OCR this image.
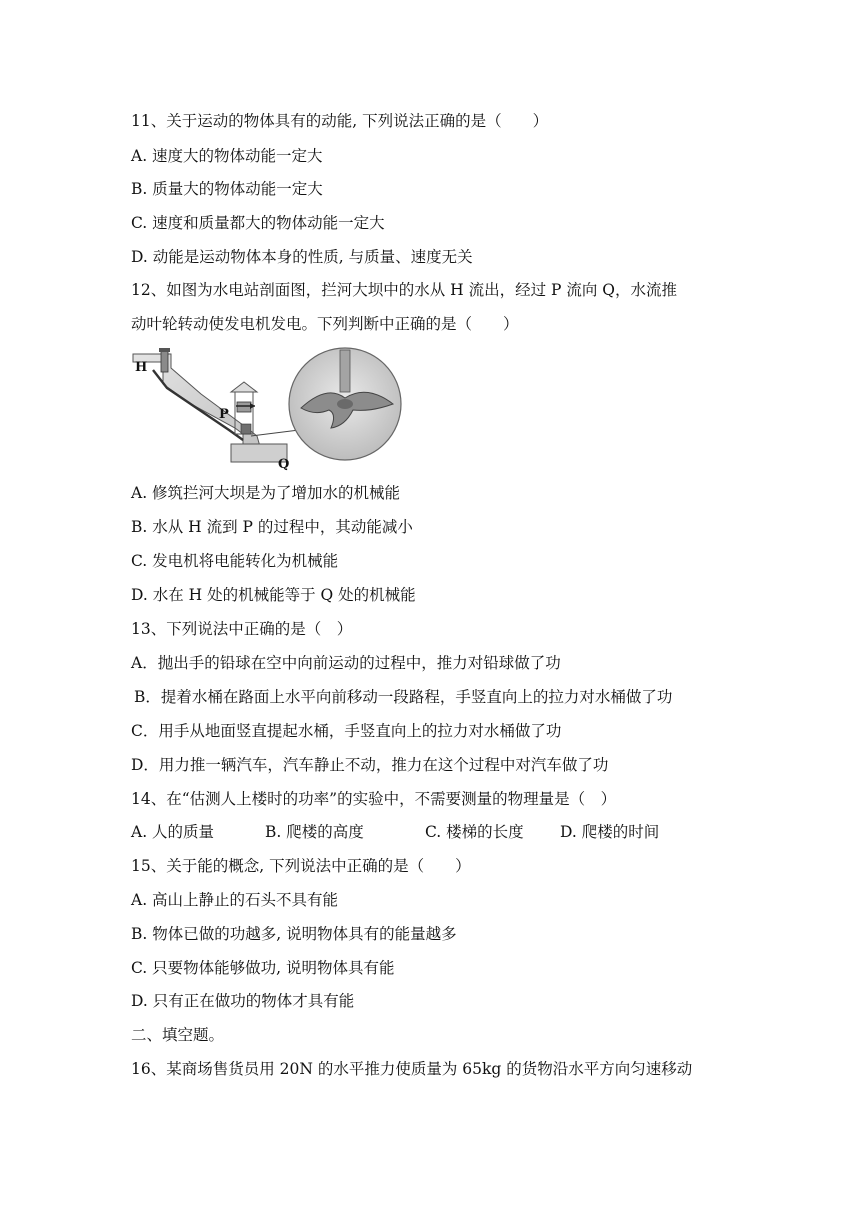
11、关于运动的物体具有的动能, 下列说法正确的是（　　）
A. 速度大的物体动能一定大
B. 质量大的物体动能一定大
C. 速度和质量都大的物体动能一定大
D. 动能是运动物体本身的性质, 与质量、速度无关
12、如图为水电站剖面图，拦河大坝中的水从 H 流出，经过 P 流向 Q，水流推
动叶轮转动使发电机发电。下列判断中正确的是（　　）
H
P
Q
A. 修筑拦河大坝是为了增加水的机械能
B. 水从 H 流到 P 的过程中，其动能减小
C. 发电机将电能转化为机械能
D. 水在 H 处的机械能等于 Q 处的机械能
13、下列说法中正确的是（　）
A．抛出手的铅球在空中向前运动的过程中，推力对铅球做了功
B．提着水桶在路面上水平向前移动一段路程，手竖直向上的拉力对水桶做了功
C．用手从地面竖直提起水桶，手竖直向上的拉力对水桶做了功
D．用力推一辆汽车，汽车静止不动，推力在这个过程中对汽车做了功
14、在“估测人上楼时的功率”的实验中，不需要测量的物理量是（　）
A. 人的质量	B. 爬楼的高度	C. 楼梯的长度	D. 爬楼的时间
15、关于能的概念, 下列说法中正确的是（　　）
A. 高山上静止的石头不具有能
B. 物体已做的功越多, 说明物体具有的能量越多
C. 只要物体能够做功, 说明物体具有能
D. 只有正在做功的物体才具有能
二、填空题。
16、某商场售货员用 20N 的水平推力使质量为 65kg 的货物沿水平方向匀速移动
